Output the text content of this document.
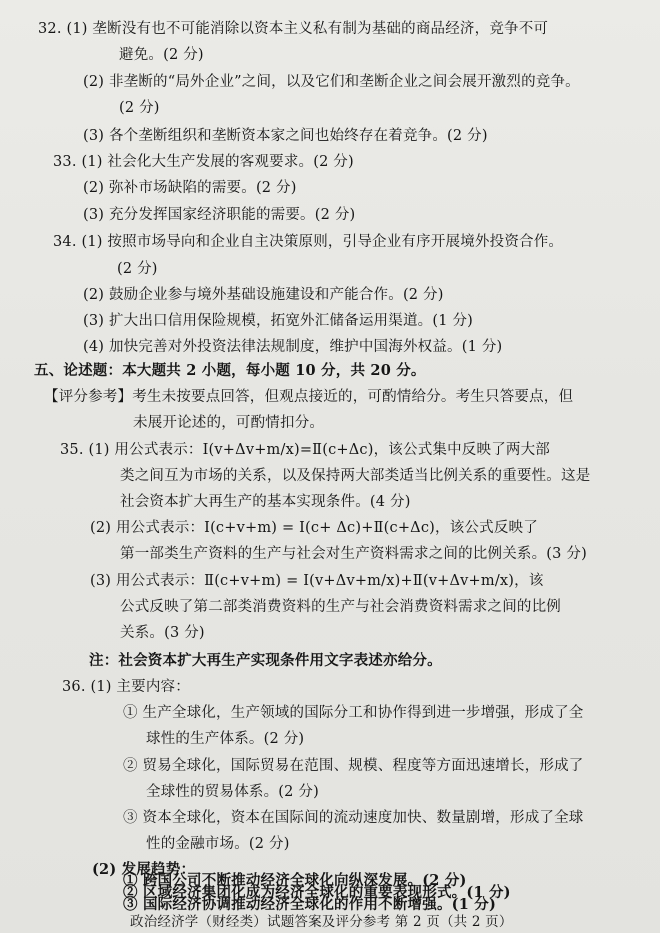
32. (1) 垄断没有也不可能消除以资本主义私有制为基础的商品经济，竞争不可
避免。(2 分)
(2) 非垄断的“局外企业”之间，以及它们和垄断企业之间会展开激烈的竞争。
(2 分)
(3) 各个垄断组织和垄断资本家之间也始终存在着竞争。(2 分)
33. (1) 社会化大生产发展的客观要求。(2 分)
(2) 弥补市场缺陷的需要。(2 分)
(3) 充分发挥国家经济职能的需要。(2 分)
34. (1) 按照市场导向和企业自主决策原则，引导企业有序开展境外投资合作。
(2 分)
(2) 鼓励企业参与境外基础设施建设和产能合作。(2 分)
(3) 扩大出口信用保险规模，拓宽外汇储备运用渠道。(1 分)
(4) 加快完善对外投资法律法规制度，维护中国海外权益。(1 分)
五、论述题：本大题共 2 小题，每小题 10 分，共 20 分。
【评分参考】考生未按要点回答，但观点接近的，可酌情给分。考生只答要点，但
未展开论述的，可酌情扣分。
35. (1) 用公式表示：Ⅰ(v+Δv+m/x)=Ⅱ(c+Δc)，该公式集中反映了两大部
类之间互为市场的关系，以及保持两大部类适当比例关系的重要性。这是
社会资本扩大再生产的基本实现条件。(4 分)
(2) 用公式表示：Ⅰ(c+v+m) = Ⅰ(c+ Δc)+Ⅱ(c+Δc)，该公式反映了
第一部类生产资料的生产与社会对生产资料需求之间的比例关系。(3 分)
(3) 用公式表示：Ⅱ(c+v+m) = Ⅰ(v+Δv+m/x)+Ⅱ(v+Δv+m/x)，该
公式反映了第二部类消费资料的生产与社会消费资料需求之间的比例
关系。(3 分)
注：社会资本扩大再生产实现条件用文字表述亦给分。
36. (1) 主要内容：
① 生产全球化，生产领域的国际分工和协作得到进一步增强，形成了全
球性的生产体系。(2 分)
② 贸易全球化，国际贸易在范围、规模、程度等方面迅速增长，形成了
全球性的贸易体系。(2 分)
③ 资本全球化，资本在国际间的流动速度加快、数量剧增，形成了全球
性的金融市场。(2 分)
(2) 发展趋势：
① 跨国公司不断推动经济全球化向纵深发展。(2 分)
② 区域经济集团化成为经济全球化的重要表现形式。(1 分)
③ 国际经济协调推动经济全球化的作用不断增强。(1 分)
政治经济学（财经类）试题答案及评分参考 第 2 页（共 2 页）
